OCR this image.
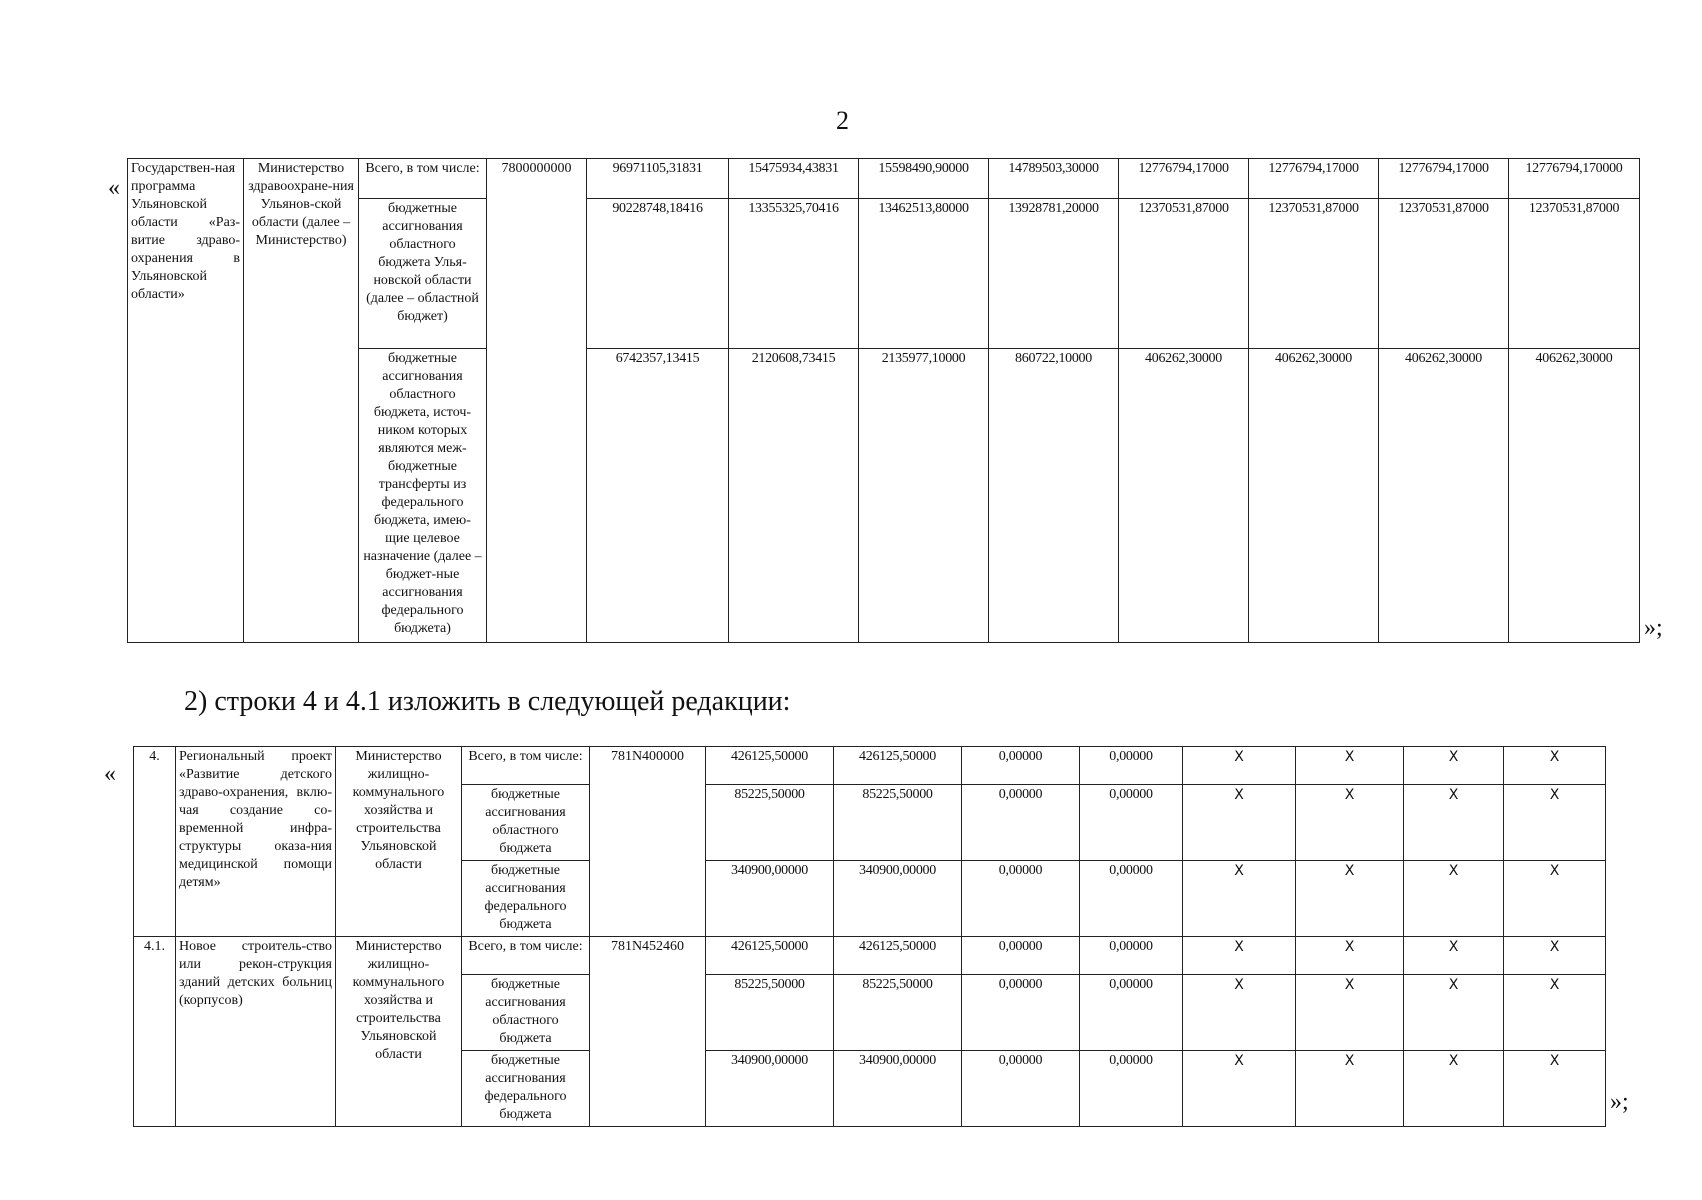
2
«
Государствен-ная программа Ульяновской области «Раз-витие здраво-охранения в Ульяновской области»	Министерство здравоохране-ния Ульянов-ской области (далее – Министерство)	Всего, в том числе:	7800000000	96971105,31831	15475934,43831	15598490,90000	14789503,30000	12776794,17000	12776794,17000	12776794,17000	12776794,170000
		бюджетные ассигнования областного бюджета Улья-новской области (далее – областной бюджет)		90228748,18416	13355325,70416	13462513,80000	13928781,20000	12370531,87000	12370531,87000	12370531,87000	12370531,87000
		бюджетные ассигнования областного бюджета, источ-ником которых являются меж-бюджетные трансферты из федерального бюджета, имею-щие целевое назначение (далее – бюджет-ные ассигнования федерального бюджета)		6742357,13415	2120608,73415	2135977,10000	860722,10000	406262,30000	406262,30000	406262,30000	406262,30000
»;
2) строки 4 и 4.1 изложить в следующей редакции:
«
4.	Региональный проект «Развитие детского здраво-охранения, вклю-чая создание со-временной инфра-структуры оказа-ния медицинской помощи детям»	Министерство жилищно-коммунального хозяйства и строительства Ульяновской области	Всего, в том числе:	781N400000	426125,50000	426125,50000	0,00000	0,00000	Х	Х	Х	Х
			бюджетные ассигнования областного бюджета		85225,50000	85225,50000	0,00000	0,00000	Х	Х	Х	Х
			бюджетные ассигнования федерального бюджета		340900,00000	340900,00000	0,00000	0,00000	Х	Х	Х	Х
4.1.	Новое строитель-ство или рекон-струкция зданий детских больниц (корпусов)	Министерство жилищно-коммунального хозяйства и строительства Ульяновской области	Всего, в том числе:	781N452460	426125,50000	426125,50000	0,00000	0,00000	Х	Х	Х	Х
			бюджетные ассигнования областного бюджета		85225,50000	85225,50000	0,00000	0,00000	Х	Х	Х	Х
			бюджетные ассигнования федерального бюджета		340900,00000	340900,00000	0,00000	0,00000	Х	Х	Х	Х
»;
